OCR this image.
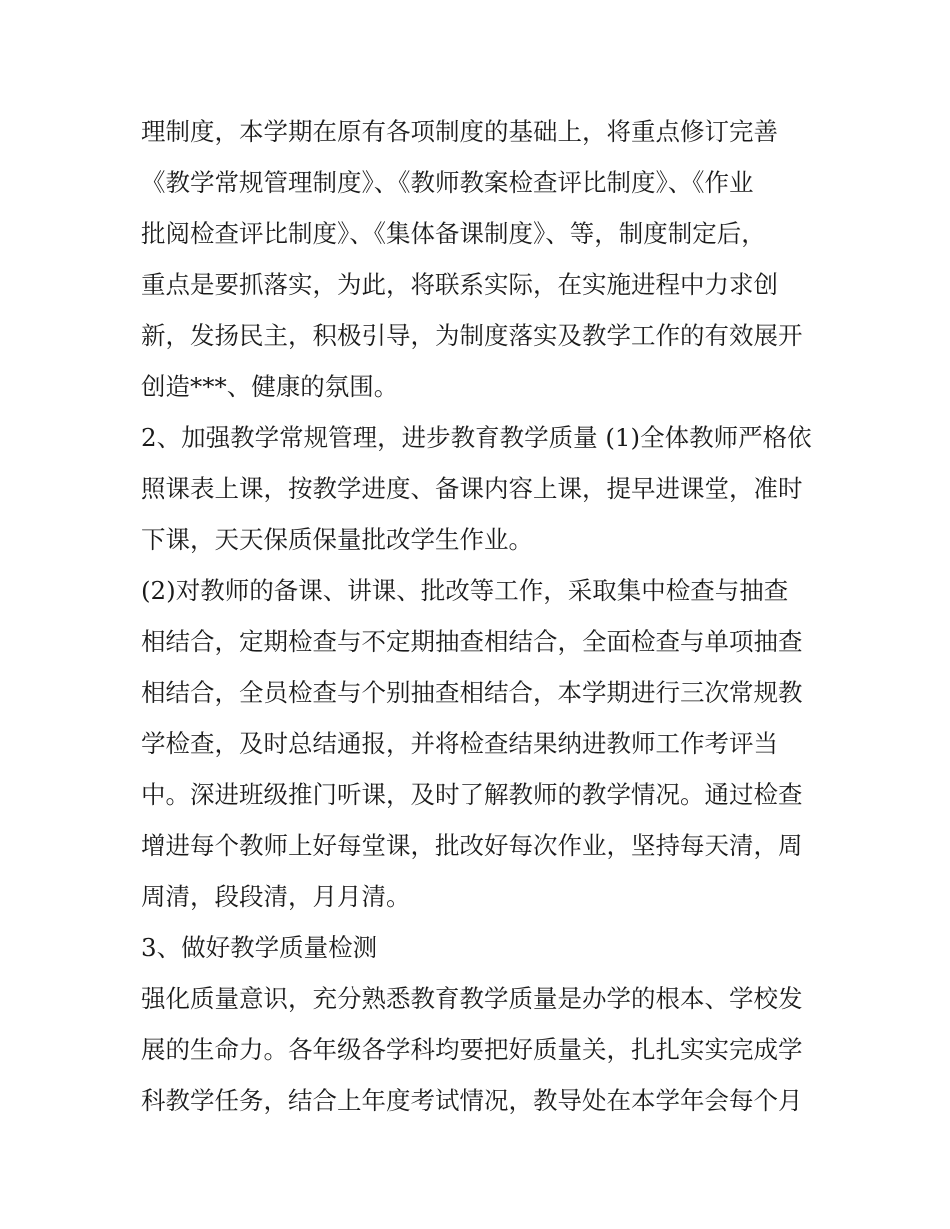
理制度，本学期在原有各项制度的基础上，将重点修订完善
《教学常规管理制度》、《教师教案检查评比制度》、《作业
批阅检查评比制度》、《集体备课制度》、等，制度制定后，
重点是要抓落实，为此，将联系实际，在实施进程中力求创
新，发扬民主，积极引导，为制度落实及教学工作的有效展开
创造***、健康的氛围。
2、加强教学常规管理，进步教育教学质量 (1)全体教师严格依
照课表上课，按教学进度、备课内容上课，提早进课堂，准时
下课，天天保质保量批改学生作业。
(2)对教师的备课、讲课、批改等工作，采取集中检查与抽查
相结合，定期检查与不定期抽查相结合，全面检查与单项抽查
相结合，全员检查与个别抽查相结合，本学期进行三次常规教
学检查，及时总结通报，并将检查结果纳进教师工作考评当
中。深进班级推门听课，及时了解教师的教学情况。通过检查
增进每个教师上好每堂课，批改好每次作业，坚持每天清，周
周清，段段清，月月清。
3、做好教学质量检测
强化质量意识，充分熟悉教育教学质量是办学的根本、学校发
展的生命力。各年级各学科均要把好质量关，扎扎实实完成学
科教学任务，结合上年度考试情况，教导处在本学年会每个月
